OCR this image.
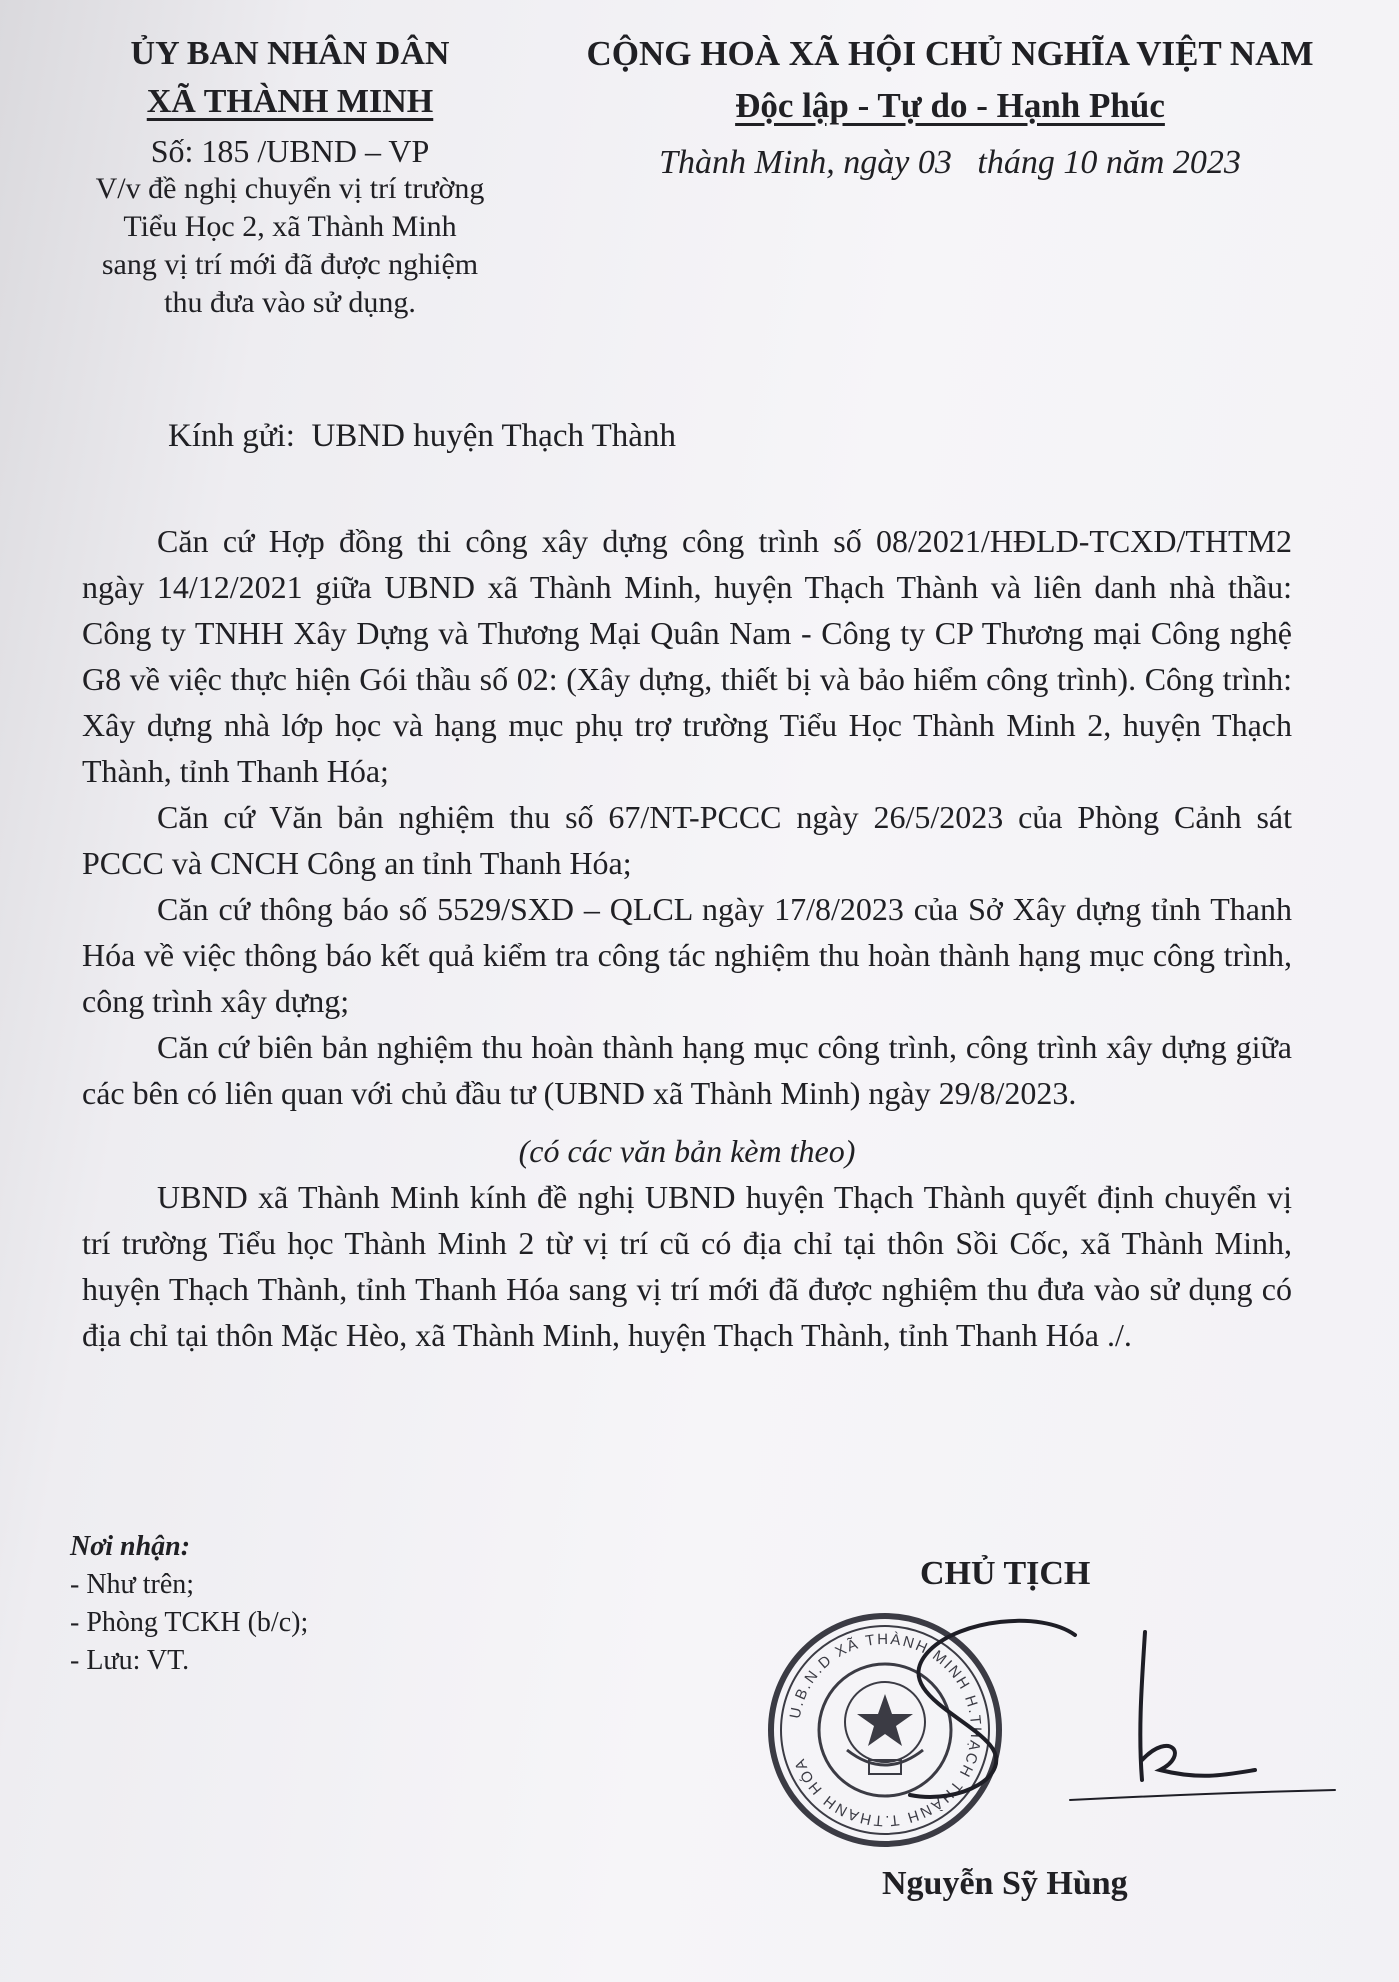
ỦY BAN NHÂN DÂN
XÃ THÀNH MINH
Số: 185 /UBND – VP
V/v đề nghị chuyển vị trí trường
Tiểu Học 2, xã Thành Minh
sang vị trí mới đã được nghiệm
thu đưa vào sử dụng.
CỘNG HOÀ XÃ HỘI CHỦ NGHĨA VIỆT NAM
Độc lập - Tự do - Hạnh Phúc
Thành Minh, ngày 03   tháng 10 năm 2023
Kính gửi:  UBND huyện Thạch Thành

Căn cứ Hợp đồng thi công xây dựng công trình số 08/2021/HĐLD-TCXD/THTM2 ngày 14/12/2021 giữa UBND xã Thành Minh, huyện Thạch Thành và liên danh nhà thầu: Công ty TNHH Xây Dựng và Thương Mại Quân Nam - Công ty CP Thương mại Công nghệ G8 về việc thực hiện Gói thầu số 02: (Xây dựng, thiết bị và bảo hiểm công trình). Công trình: Xây dựng nhà lớp học và hạng mục phụ trợ trường Tiểu Học Thành Minh 2, huyện Thạch Thành, tỉnh Thanh Hóa;

Căn cứ Văn bản nghiệm thu số 67/NT-PCCC ngày 26/5/2023 của Phòng Cảnh sát PCCC và CNCH Công an tỉnh Thanh Hóa;

Căn cứ thông báo số 5529/SXD – QLCL ngày 17/8/2023 của Sở Xây dựng tỉnh Thanh Hóa về việc thông báo kết quả kiểm tra công tác nghiệm thu hoàn thành hạng mục công trình, công trình xây dựng;

Căn cứ biên bản nghiệm thu hoàn thành hạng mục công trình, công trình xây dựng giữa các bên có liên quan với chủ đầu tư (UBND xã Thành Minh) ngày 29/8/2023.

(có các văn bản kèm theo)

UBND xã Thành Minh kính đề nghị UBND huyện Thạch Thành quyết định chuyển vị trí trường Tiểu học Thành Minh 2 từ vị trí cũ có địa chỉ tại thôn Sồi Cốc, xã Thành Minh, huyện Thạch Thành, tỉnh Thanh Hóa sang vị trí mới đã được nghiệm thu đưa vào sử dụng có địa chỉ tại thôn Mặc Hèo, xã Thành Minh, huyện Thạch Thành, tỉnh Thanh Hóa ./.

Nơi nhận:
- Như trên;
- Phòng TCKH (b/c);
- Lưu: VT.
CHỦ TỊCH
U.B.N.D XÃ THÀNH MINH H.THẠCH THÀNH T.THANH HÓA
Nguyễn Sỹ Hùng
